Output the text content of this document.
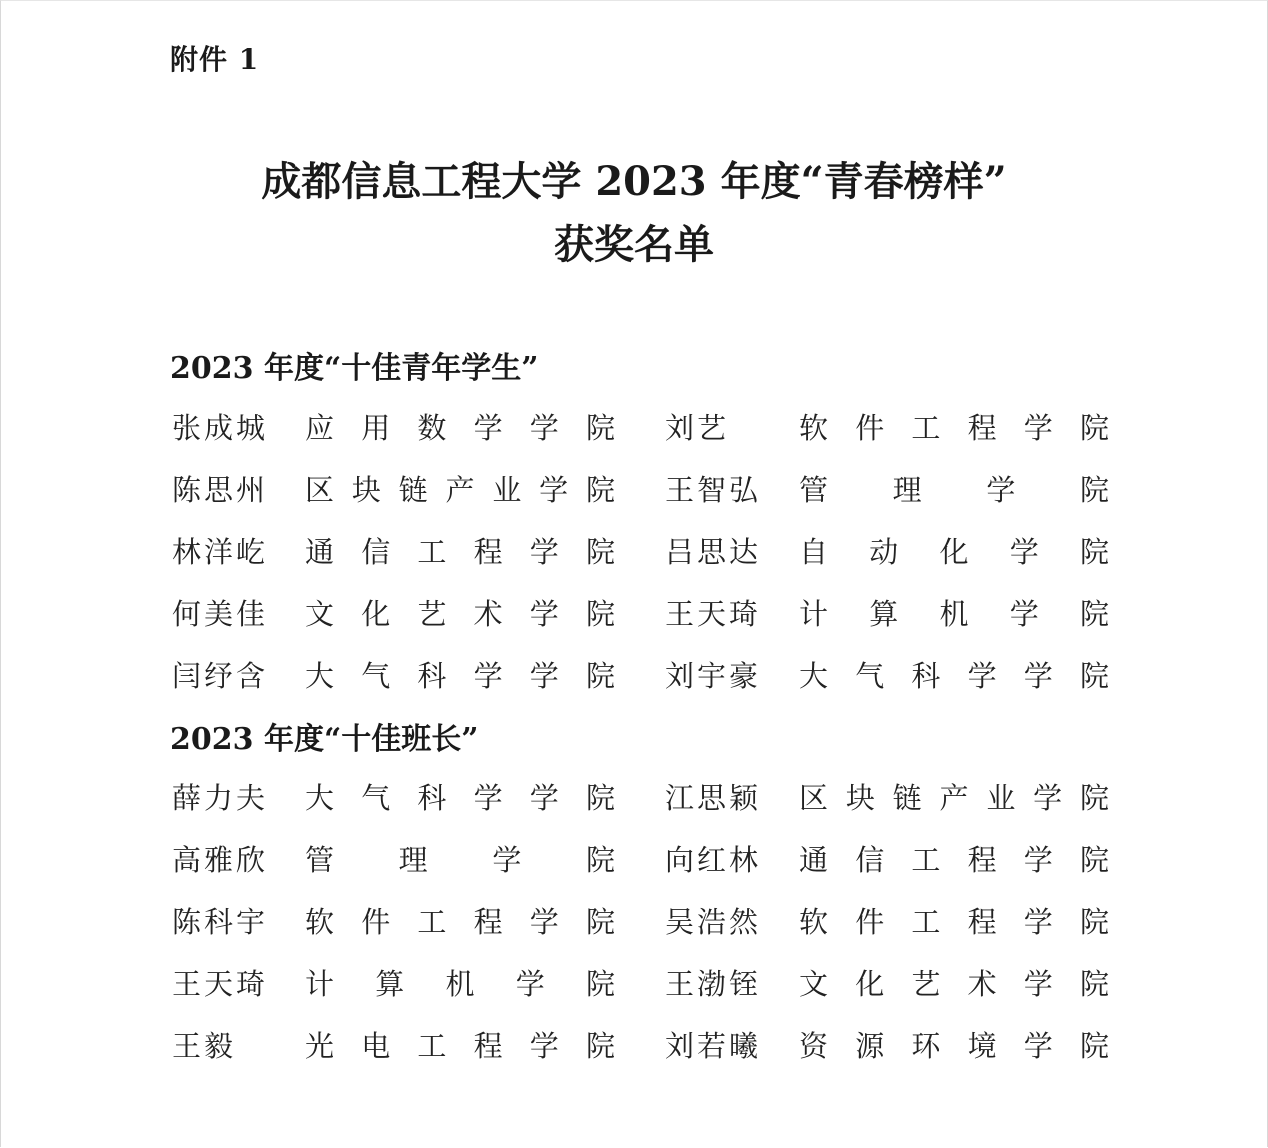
附件 1
成都信息工程大学 2023 年度“青春榜样”
获奖名单
2023 年度“十佳青年学生”
张成城	应 用 数 学 学 院 刘艺	软 件 工 程 学 院
陈思州	区 块 链 产 业 学 院 王智弘	管 理 学 院
林洋屹	通 信 工 程 学 院 吕思达	自 动 化 学 院
何美佳	文 化 艺 术 学 院 王天琦	计 算 机 学 院
闫纾含	大 气 科 学 学 院 刘宇豪	大 气 科 学 学 院
2023 年度“十佳班长”
薛力夫	大 气 科 学 学 院 江思颖	区 块 链 产 业 学 院
高雅欣	管 理 学 院 向红林	通 信 工 程 学 院
陈科宇	软 件 工 程 学 院 吴浩然	软 件 工 程 学 院
王天琦	计 算 机 学 院 王渤铚	文 化 艺 术 学 院
王毅	光 电 工 程 学 院 刘若曦	资 源 环 境 学 院
